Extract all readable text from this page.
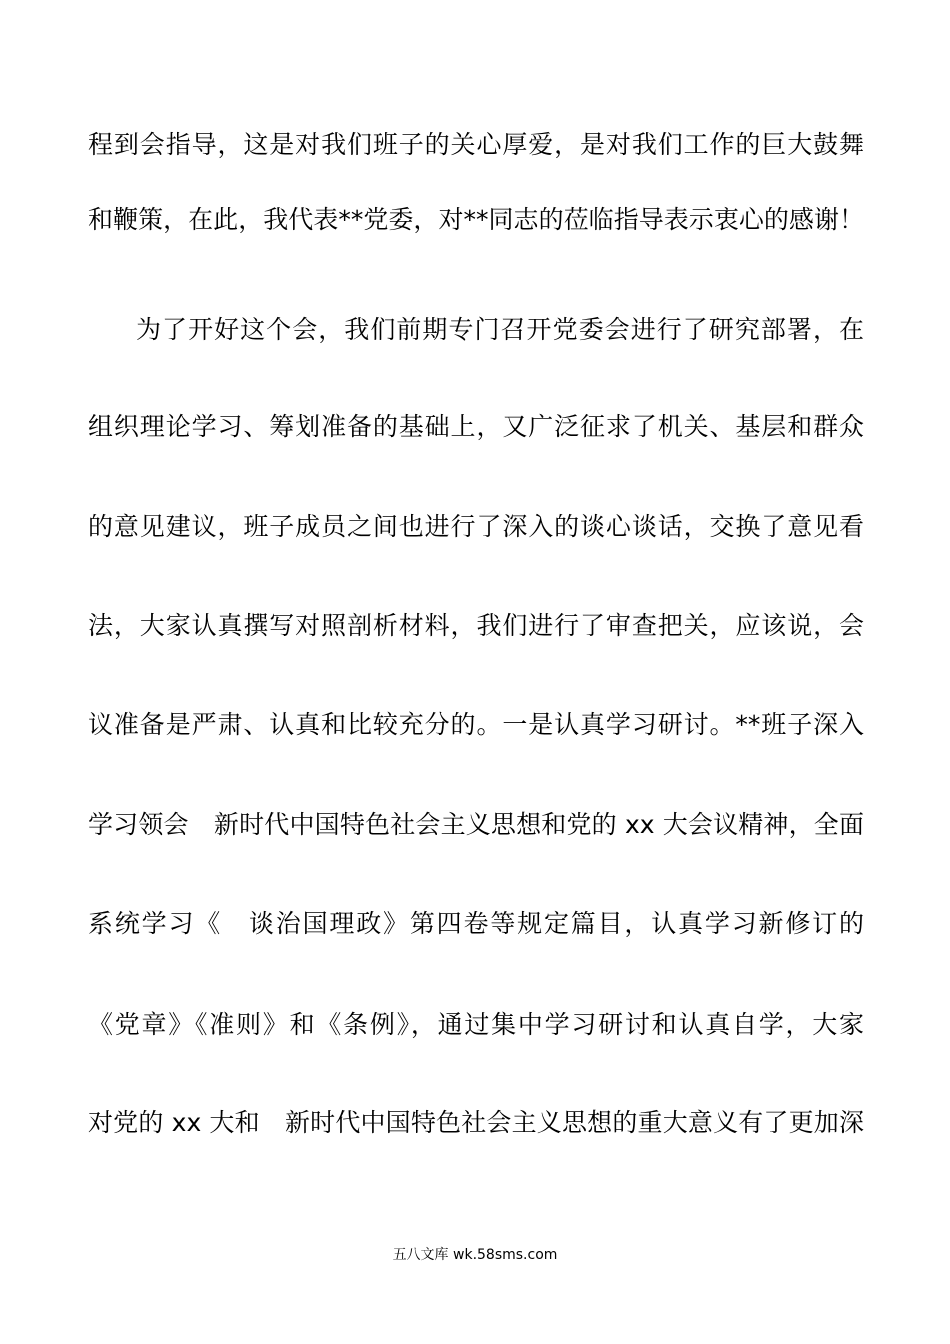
程到会指导，这是对我们班子的关心厚爱，是对我们工作的巨大鼓舞
和鞭策，在此，我代表**党委，对**同志的莅临指导表示衷心的感谢！
为了开好这个会，我们前期专门召开党委会进行了研究部署，在
组织理论学习、筹划准备的基础上，又广泛征求了机关、基层和群众
的意见建议，班子成员之间也进行了深入的谈心谈话，交换了意见看
法，大家认真撰写对照剖析材料，我们进行了审查把关，应该说，会
议准备是严肃、认真和比较充分的。一是认真学习研讨。**班子深入
学习领会　新时代中国特色社会主义思想和党的 xx 大会议精神，全面
系统学习《　谈治国理政》第四卷等规定篇目，认真学习新修订的
《党章》《准则》和《条例》，通过集中学习研讨和认真自学，大家
对党的 xx 大和　新时代中国特色社会主义思想的重大意义有了更加深
五八文库 wk.58sms.com
